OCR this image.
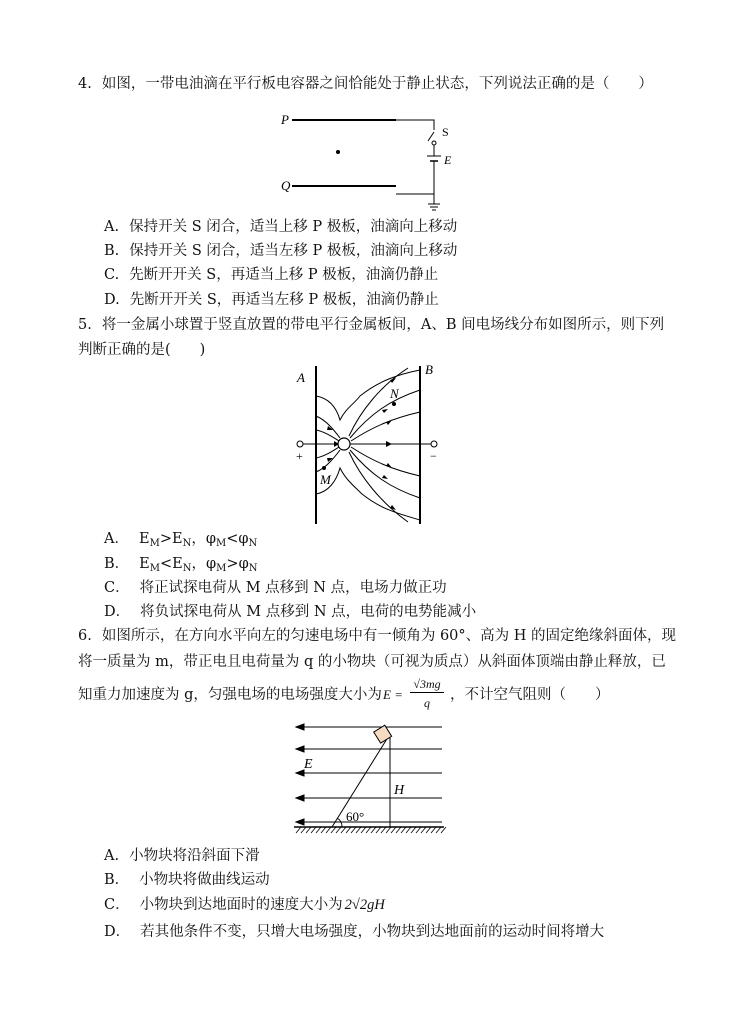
4. 如图，一带电油滴在平行板电容器之间恰能处于静止状态，下列说法正确的是（　　）
P
Q
S
E
A. 保持开关 S 闭合，适当上移 P 极板，油滴向上移动
B. 保持开关 S 闭合，适当左移 P 极板，油滴向上移动
C. 先断开开关 S，再适当上移 P 极板，油滴仍静止
D. 先断开开关 S，再适当左移 P 极板，油滴仍静止
5. 将一金属小球置于竖直放置的带电平行金属板间，A、B 间电场线分布如图所示，则下列
判断正确的是(　　)
A
B
N
M
+	−
A． $E_M>E_N$，$\varphi_M<\varphi_N$
B． $E_M<E_N$，$\varphi_M>\varphi_N$
C． 将正试探电荷从 M 点移到 N 点，电场力做正功
D． 将负试探电荷从 M 点移到 N 点，电荷的电势能减小
6. 如图所示，在方向水平向左的匀速电场中有一倾角为 60°、高为 H 的固定绝缘斜面体，现
将一质量为 m，带正电且电荷量为 q 的小物块（可视为质点）从斜面体顶端由静止释放，已
知重力加速度为 g，匀强电场的电场强度大小为 E =
√3mg
q	，不计空气阻则（　　）
E
H
60°
A. 小物块将沿斜面下滑
B． 小物块将做曲线运动
C． 小物块到达地面时的速度大小为 2√2gH
D． 若其他条件不变，只增大电场强度，小物块到达地面前的运动时间将增大
